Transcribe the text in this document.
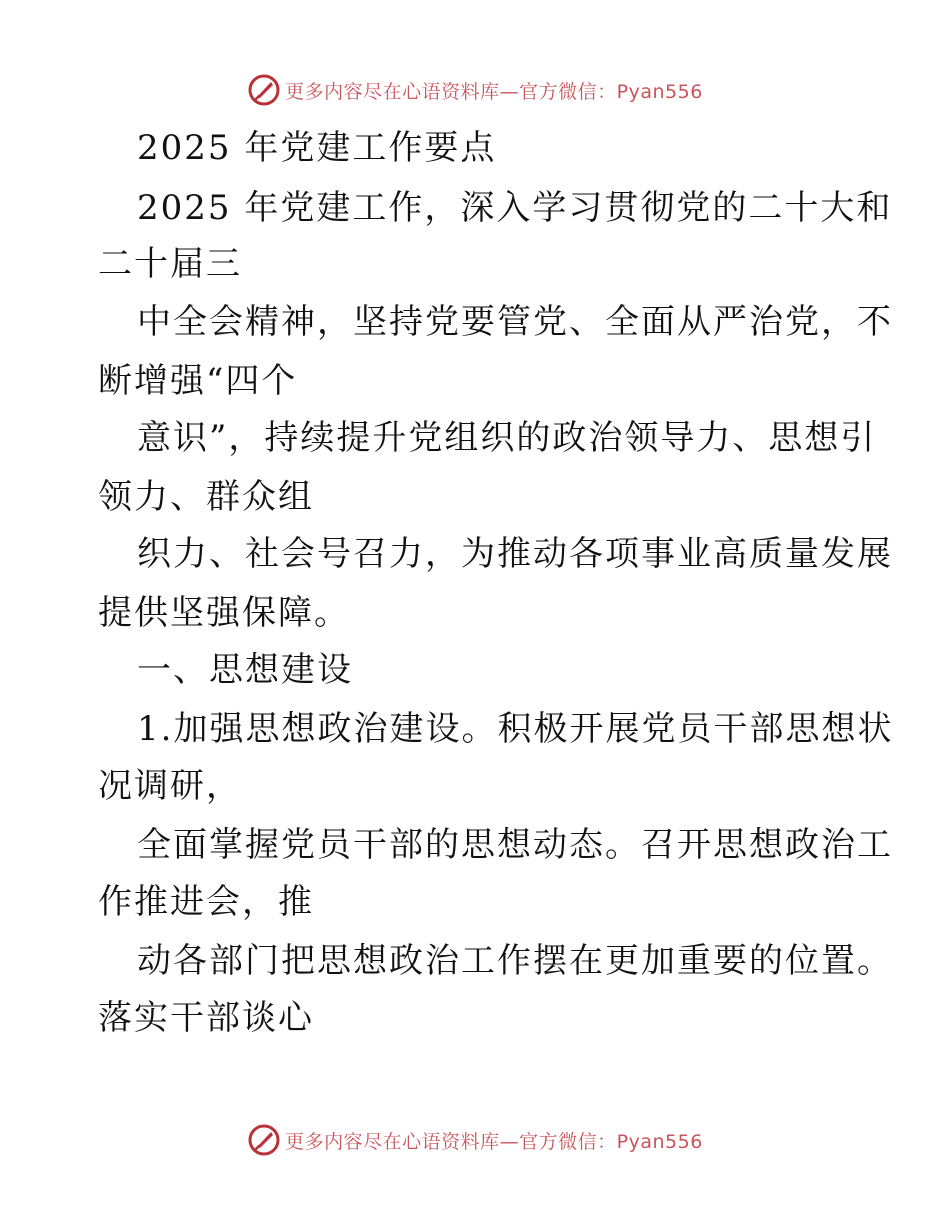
更多内容尽在心语资料库—官方微信：Pyan556
2025 年党建工作要点
2025 年党建工作，深入学习贯彻党的二十大和
二十届三
中全会精神，坚持党要管党、全面从严治党，不
断增强“四个
意识”，持续提升党组织的政治领导力、思想引
领力、群众组
织力、社会号召力，为推动各项事业高质量发展
提供坚强保障。
一、思想建设
1.加强思想政治建设。积极开展党员干部思想状
况调研，
全面掌握党员干部的思想动态。召开思想政治工
作推进会，推
动各部门把思想政治工作摆在更加重要的位置。
落实干部谈心
更多内容尽在心语资料库—官方微信：Pyan556
